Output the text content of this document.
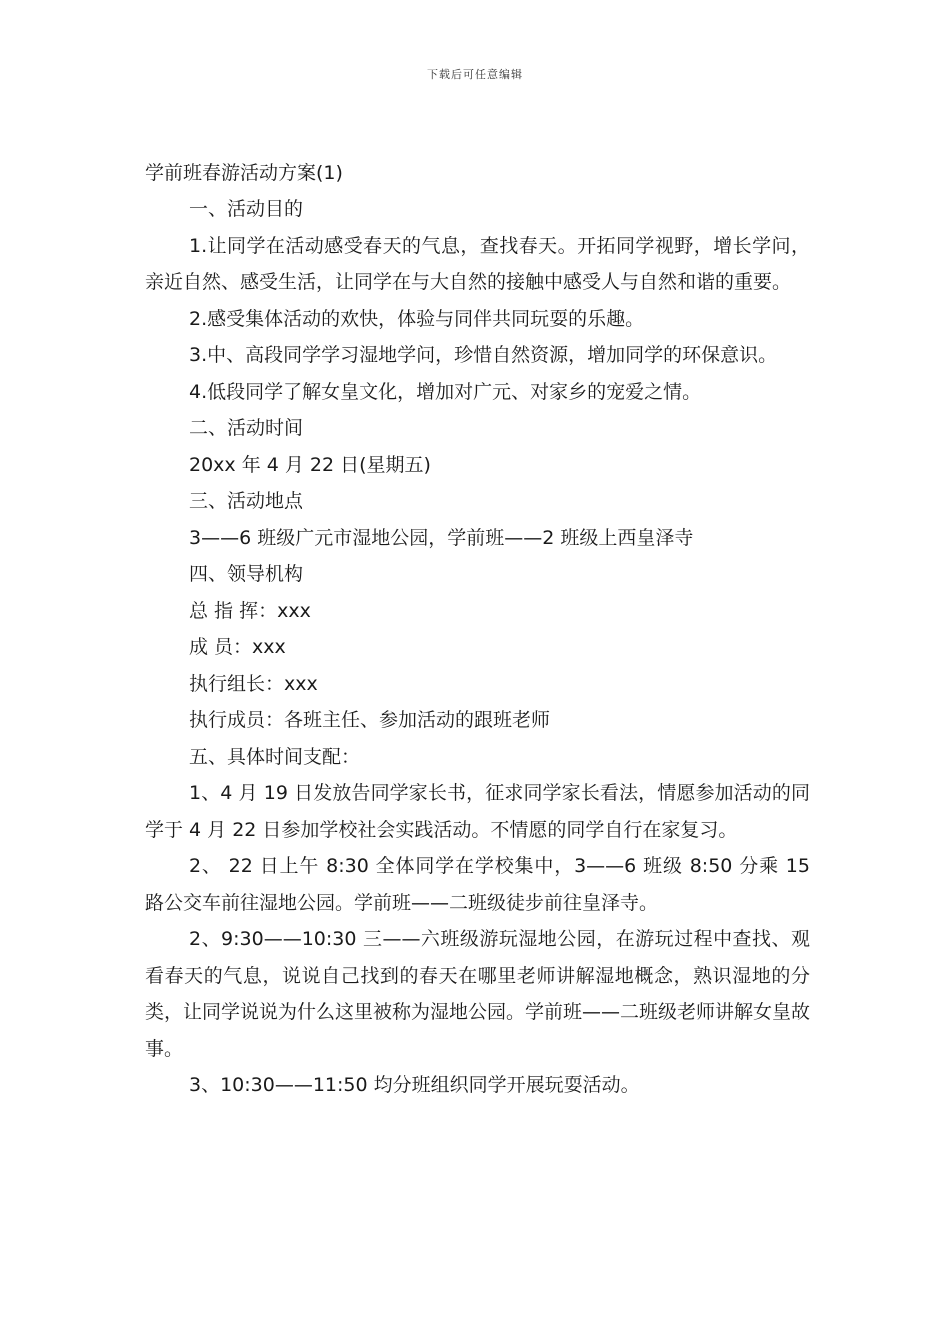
下载后可任意编辑
学前班春游活动方案(1)

一、活动目的

1.让同学在活动感受春天的气息，查找春天。开拓同学视野，增长学问，亲近自然、感受生活，让同学在与大自然的接触中感受人与自然和谐的重要。

2.感受集体活动的欢快，体验与同伴共同玩耍的乐趣。

3.中、高段同学学习湿地学问，珍惜自然资源，增加同学的环保意识。

4.低段同学了解女皇文化，增加对广元、对家乡的宠爱之情。

二、活动时间

20xx 年 4 月 22 日(星期五)

三、活动地点

3——6 班级广元市湿地公园，学前班——2 班级上西皇泽寺

四、领导机构

总 指 挥：xxx

成 员：xxx

执行组长：xxx

执行成员：各班主任、参加活动的跟班老师

五、具体时间支配：

1、4 月 19 日发放告同学家长书，征求同学家长看法，情愿参加活动的同学于 4 月 22 日参加学校社会实践活动。不情愿的同学自行在家复习。

2、 22 日上午 8:30 全体同学在学校集中，3——6 班级 8:50 分乘 15 路公交车前往湿地公园。学前班——二班级徒步前往皇泽寺。

2、9:30——10:30 三——六班级游玩湿地公园，在游玩过程中查找、观看春天的气息，说说自己找到的春天在哪里老师讲解湿地概念，熟识湿地的分类，让同学说说为什么这里被称为湿地公园。学前班——二班级老师讲解女皇故事。

3、10:30——11:50 均分班组织同学开展玩耍活动。
